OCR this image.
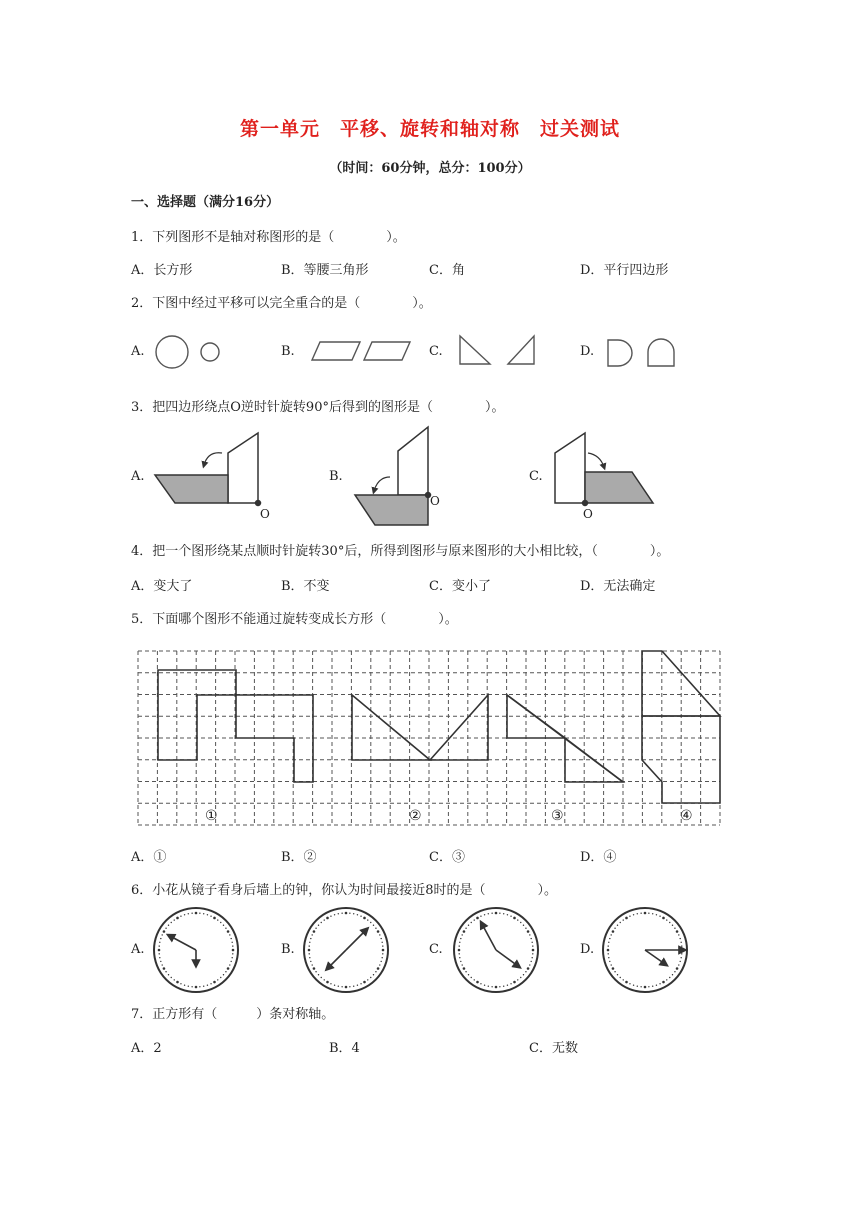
第一单元　平移、旋转和轴对称　过关测试
（时间：60分钟，总分：100分）
一、选择题（满分16分）
1．下列图形不是轴对称图形的是（　　　　）。
A．长方形	B．等腰三角形	C．角	D．平行四边形
2．下图中经过平移可以完全重合的是（　　　　）。
A.	B.	C.	D.
3．把四边形绕点O逆时针旋转90°后得到的图形是（　　　　）。
A.	B.	C.
O
O
O
4．把一个图形绕某点顺时针旋转30°后，所得到图形与原来图形的大小相比较，（　　　　）。
A．变大了	B．不变	C．变小了	D．无法确定
5．下面哪个图形不能通过旋转变成长方形（　　　　）。
①	②	③	④
A．①	B．②	C．③	D．④
6．小花从镜子看身后墙上的钟，你认为时间最接近8时的是（　　　　）。
A.	B.	C.	D.
7．正方形有（　　　）条对称轴。
A．2	B．4	C．无数
